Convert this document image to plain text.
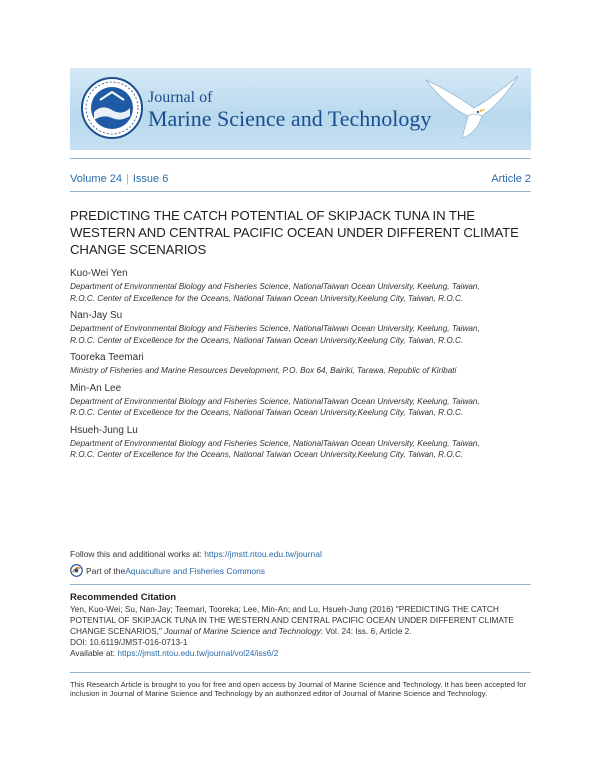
Journal of
Marine Science and Technology
Volume 24 | Issue 6	Article 2
PREDICTING THE CATCH POTENTIAL OF SKIPJACK TUNA IN THE WESTERN AND CENTRAL PACIFIC OCEAN UNDER DIFFERENT CLIMATE CHANGE SCENARIOS
Kuo-Wei Yen
Department of Environmental Biology and Fisheries Science, NationalTaiwan Ocean University, Keelung, Taiwan,
R.O.C. Center of Excellence for the Oceans, National Taiwan Ocean University,Keelung City, Taiwan, R.O.C.
Nan-Jay Su
Department of Environmental Biology and Fisheries Science, NationalTaiwan Ocean University, Keelung, Taiwan,
R.O.C. Center of Excellence for the Oceans, National Taiwan Ocean University,Keelung City, Taiwan, R.O.C.
Tooreka Teemari
Ministry of Fisheries and Marine Resources Development, P.O. Box 64, Bairiki, Tarawa, Republic of Kiribati
Min-An Lee
Department of Environmental Biology and Fisheries Science, NationalTaiwan Ocean University, Keelung, Taiwan,
R.O.C. Center of Excellence for the Oceans, National Taiwan Ocean University,Keelung City, Taiwan, R.O.C.
Hsueh-Jung Lu
Department of Environmental Biology and Fisheries Science, NationalTaiwan Ocean University, Keelung, Taiwan,
R.O.C. Center of Excellence for the Oceans, National Taiwan Ocean University,Keelung City, Taiwan, R.O.C.
Follow this and additional works at: https://jmstt.ntou.edu.tw/journal
Part of the Aquaculture and Fisheries Commons
Recommended Citation
Yen, Kuo-Wei; Su, Nan-Jay; Teemari, Tooreka; Lee, Min-An; and Lu, Hsueh-Jung (2016) "PREDICTING THE CATCH
POTENTIAL OF SKIPJACK TUNA IN THE WESTERN AND CENTRAL PACIFIC OCEAN UNDER DIFFERENT CLIMATE
CHANGE SCENARIOS," Journal of Marine Science and Technology: Vol. 24: Iss. 6, Article 2.
DOI: 10.6119/JMST-016-0713-1
Available at: https://jmstt.ntou.edu.tw/journal/vol24/iss6/2
This Research Article is brought to you for free and open access by Journal of Marine Science and Technology. It has been accepted for inclusion in Journal of Marine Science and Technology by an authorized editor of Journal of Marine Science and Technology.
